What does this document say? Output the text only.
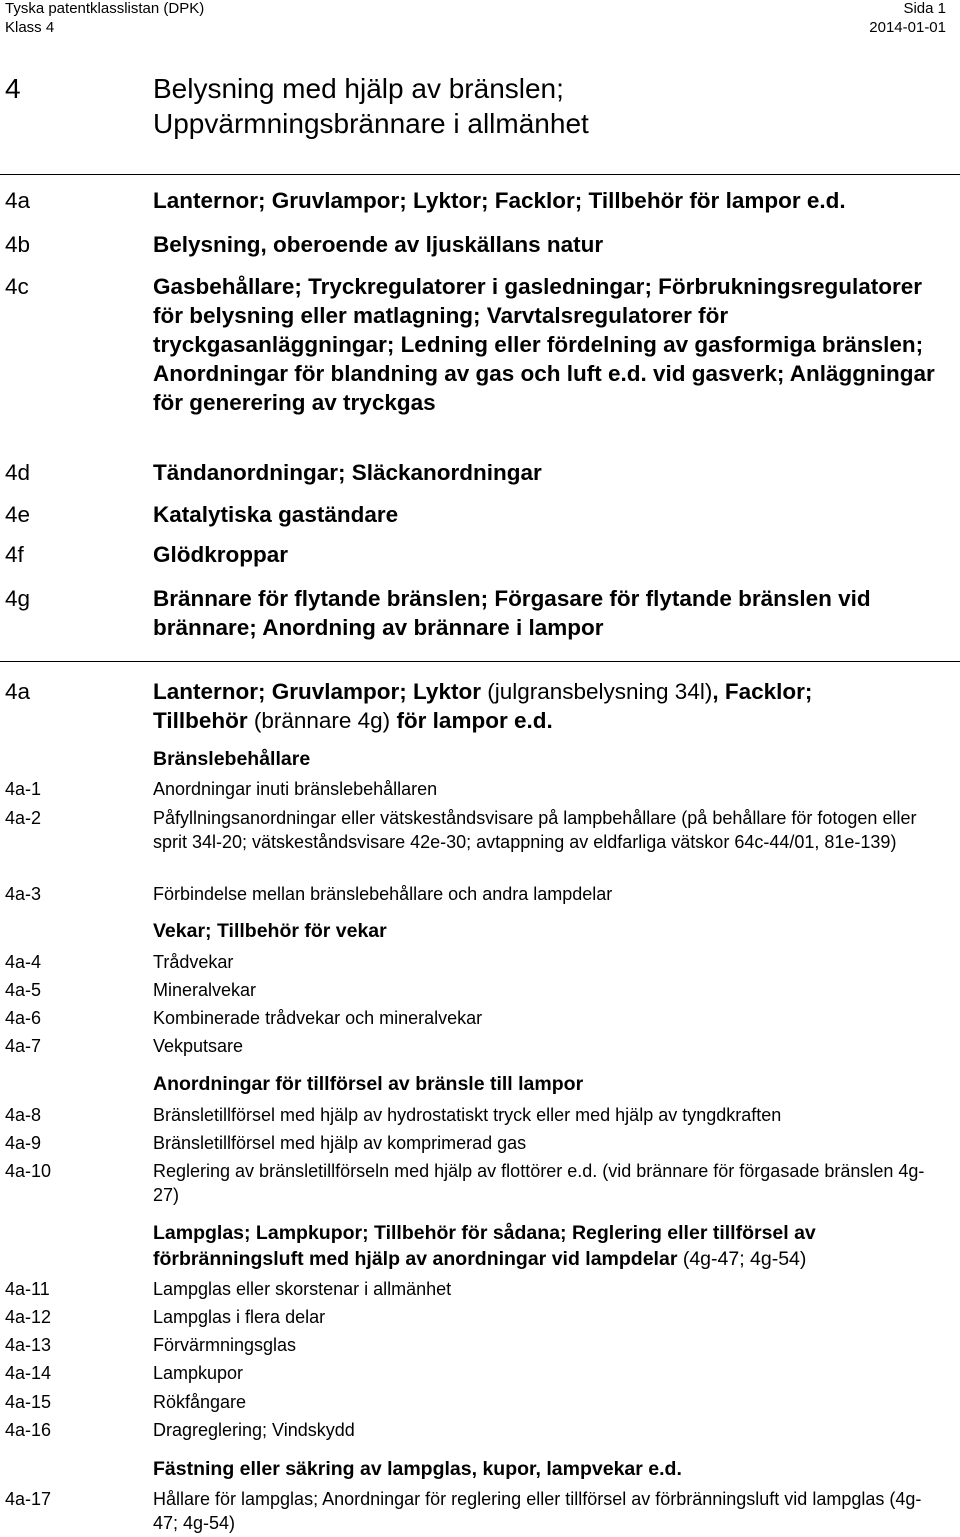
Tyska patentklasslistan (DPK)	Sida 1
Klass 4	2014-01-01
4	Belysning med hjälp av bränslen;
Uppvärmningsbrännare i allmänhet
4a	Lanternor; Gruvlampor; Lyktor; Facklor; Tillbehör för lampor e.d.
4b	Belysning, oberoende av ljuskällans natur
4c	Gasbehållare; Tryckregulatorer i gasledningar; Förbrukningsregulatorer för belysning eller matlagning; Varvtalsregulatorer för tryckgasanläggningar; Ledning eller fördelning av gasformiga bränslen; Anordningar för blandning av gas och luft e.d. vid gasverk; Anläggningar för generering av tryckgas
4d	Tändanordningar; Släckanordningar
4e	Katalytiska gaständare
4f	Glödkroppar
4g	Brännare för flytande bränslen; Förgasare för flytande bränslen vid brännare; Anordning av brännare i lampor
4a	Lanternor; Gruvlampor; Lyktor (julgransbelysning 34l), Facklor;
Tillbehör (brännare 4g) för lampor e.d.
Bränslebehållare
4a-1	Anordningar inuti bränslebehållaren
4a-2	Påfyllningsanordningar eller vätskeståndsvisare på lampbehållare (på behållare för fotogen eller sprit 34l-20; vätskeståndsvisare 42e-30; avtappning av eldfarliga vätskor 64c-44/01, 81e-139)
4a-3	Förbindelse mellan bränslebehållare och andra lampdelar
Vekar; Tillbehör för vekar
4a-4	Trådvekar
4a-5	Mineralvekar
4a-6	Kombinerade trådvekar och mineralvekar
4a-7	Vekputsare
Anordningar för tillförsel av bränsle till lampor
4a-8	Bränsletillförsel med hjälp av hydrostatiskt tryck eller med hjälp av tyngdkraften
4a-9	Bränsletillförsel med hjälp av komprimerad gas
4a-10	Reglering av bränsletillförseln med hjälp av flottörer e.d. (vid brännare för förgasade bränslen 4g-27)
Lampglas; Lampkupor; Tillbehör för sådana; Reglering eller tillförsel av förbränningsluft med hjälp av anordningar vid lampdelar (4g-47; 4g-54)
4a-11	Lampglas eller skorstenar i allmänhet
4a-12	Lampglas i flera delar
4a-13	Förvärmningsglas
4a-14	Lampkupor
4a-15	Rökfångare
4a-16	Dragreglering; Vindskydd
Fästning eller säkring av lampglas, kupor, lampvekar e.d.
4a-17	Hållare för lampglas; Anordningar för reglering eller tillförsel av förbränningsluft vid lampglas (4g-47; 4g-54)
